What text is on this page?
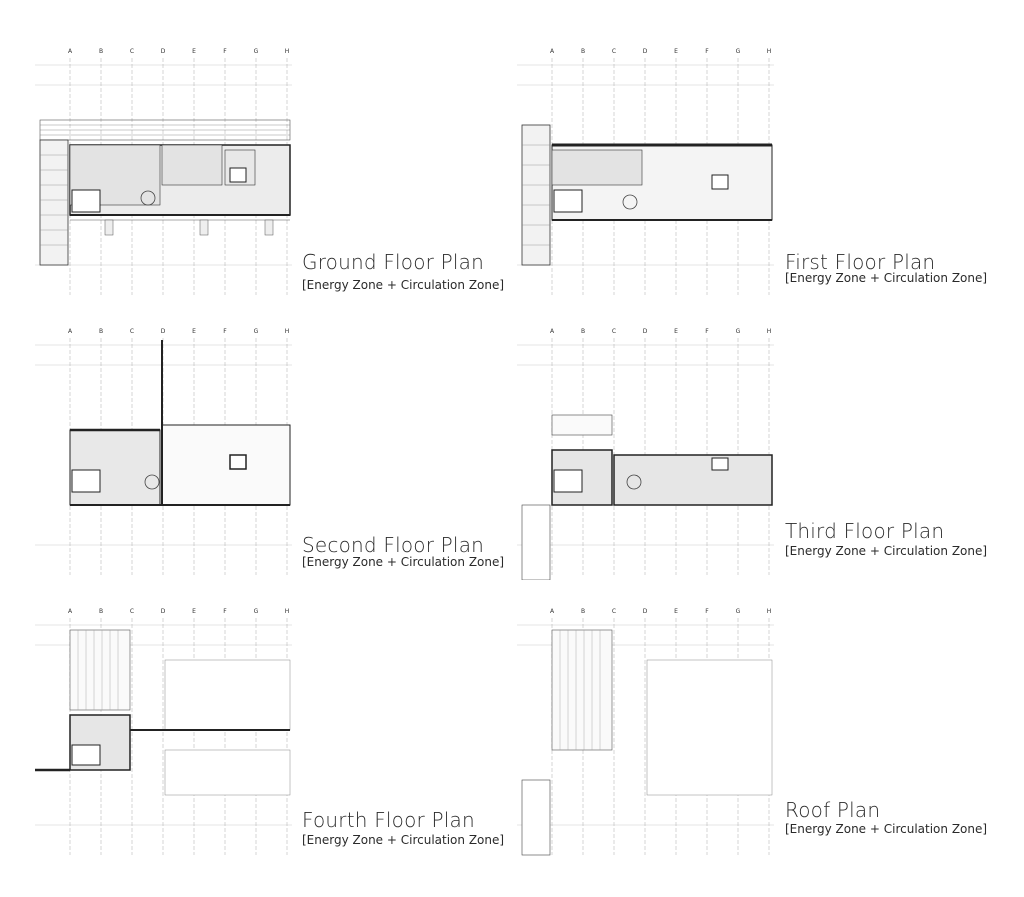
A	B	C	D	E	F	G	H
Ground Floor Plan
[Energy Zone + Circulation Zone]
A	B	C	D	E	F	G	H
First Floor Plan
[Energy Zone + Circulation Zone]
A	B	C	D	E	F	G	H
Second Floor Plan
[Energy Zone + Circulation Zone]
A	B	C	D	E	F	G	H
Third Floor Plan
[Energy Zone + Circulation Zone]
A	B	C	D	E	F	G	H
Fourth Floor Plan
[Energy Zone + Circulation Zone]
A	B	C	D	E	F	G	H
Roof Plan
[Energy Zone + Circulation Zone]
